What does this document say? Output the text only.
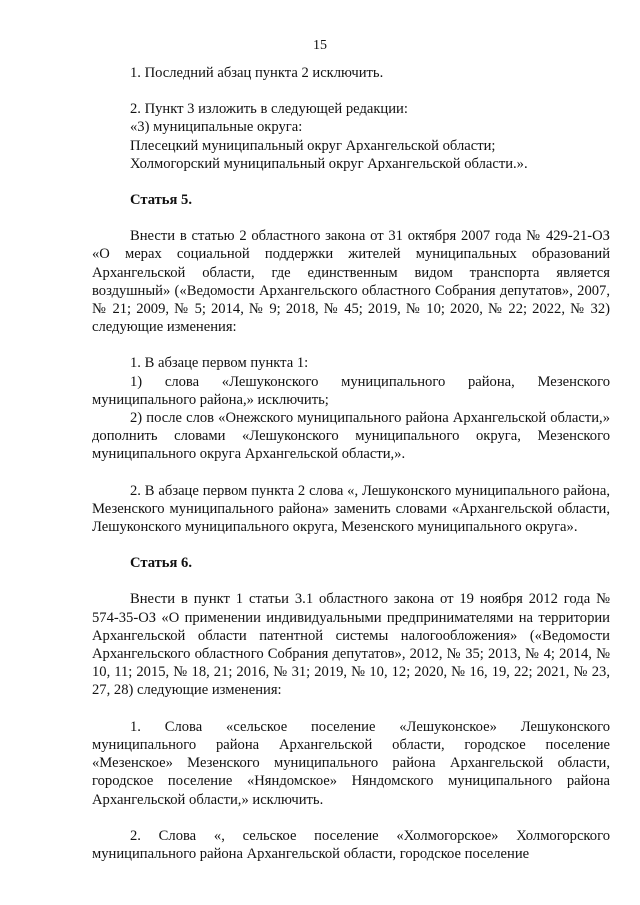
15

1. Последний абзац пункта 2 исключить.

2. Пункт 3 изложить в следующей редакции:

«3) муниципальные округа:

Плесецкий муниципальный округ Архангельской области;

Холмогорский муниципальный округ Архангельской области.».

Статья 5.

Внести в статью 2 областного закона от 31 октября 2007 года № 429-21-ОЗ «О мерах социальной поддержки жителей муниципальных образований Архангельской области, где единственным видом транспорта является воздушный» («Ведомости Архангельского областного Собрания депутатов», 2007, № 21; 2009, № 5; 2014, № 9; 2018, № 45; 2019, № 10; 2020, № 22; 2022, № 32) следующие изменения:

1. В абзаце первом пункта 1:

1) слова «Лешуконского муниципального района, Мезенского муниципального района,» исключить;

2) после слов «Онежского муниципального района Архангельской области,» дополнить словами «Лешуконского муниципального округа, Мезенского муниципального округа Архангельской области,».

2. В абзаце первом пункта 2 слова «, Лешуконского муниципального района, Мезенского муниципального района» заменить словами «Архангельской области, Лешуконского муниципального округа, Мезенского муниципального округа».

Статья 6.

Внести в пункт 1 статьи 3.1 областного закона от 19 ноября 2012 года № 574-35-ОЗ «О применении индивидуальными предпринимателями на территории Архангельской области патентной системы налогообложения» («Ведомости Архангельского областного Собрания депутатов», 2012, № 35; 2013, № 4; 2014, № 10, 11; 2015, № 18, 21; 2016, № 31; 2019, № 10, 12; 2020, № 16, 19, 22; 2021, № 23, 27, 28) следующие изменения:

1. Слова «сельское поселение «Лешуконское» Лешуконского муниципального района Архангельской области, городское поселение «Мезенское» Мезенского муниципального района Архангельской области, городское поселение «Няндомское» Няндомского муниципального района Архангельской области,» исключить.

2. Слова «, сельское поселение «Холмогорское» Холмогорского муниципального района Архангельской области, городское поселение
